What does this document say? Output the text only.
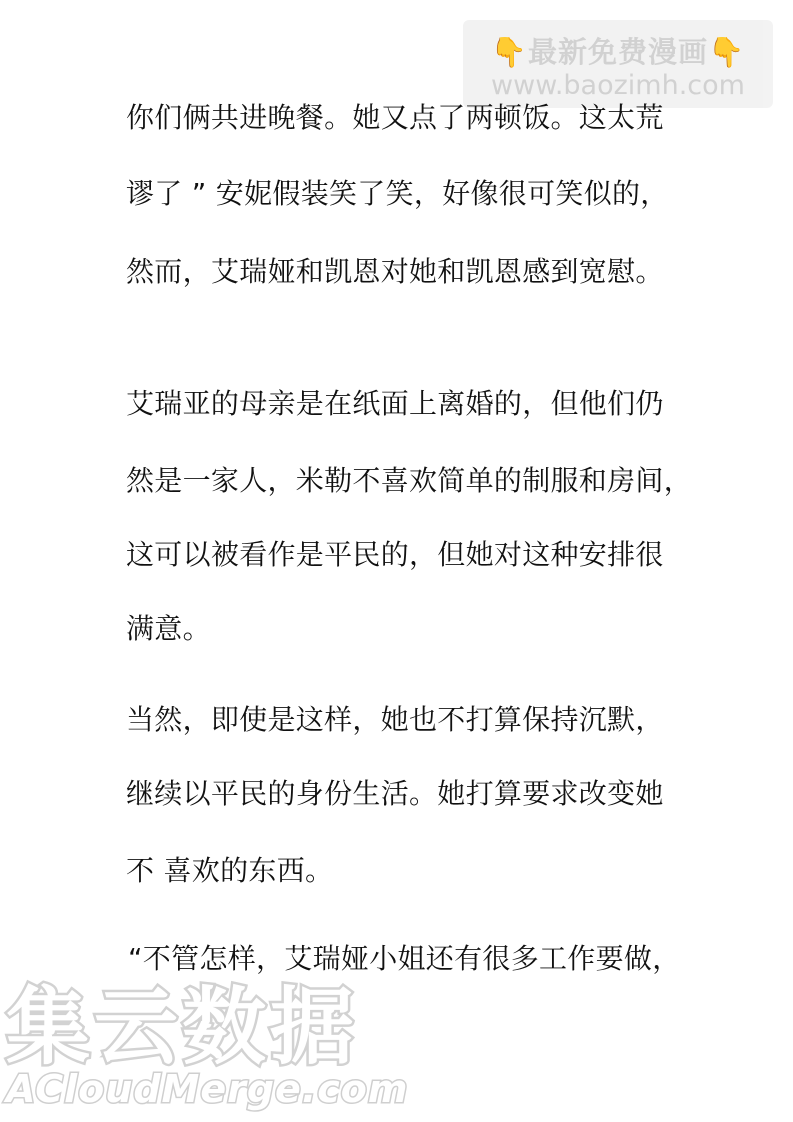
👇最新免费漫画👇
www.baozimh.com
你们俩共进晚餐。她又点了两顿饭。这太荒
谬了 ” 安妮假装笑了笑，好像很可笑似的，
然而，艾瑞娅和凯恩对她和凯恩感到宽慰。
艾瑞亚的母亲是在纸面上离婚的，但他们仍
然是一家人，米勒不喜欢简单的制服和房间，
这可以被看作是平民的，但她对这种安排很
满意。
当然，即使是这样，她也不打算保持沉默，
继续以平民的身份生活。她打算要求改变她
不 喜欢的东西。
“不管怎样，艾瑞娅小姐还有很多工作要做，
集云数据
ACloudMerge.com
